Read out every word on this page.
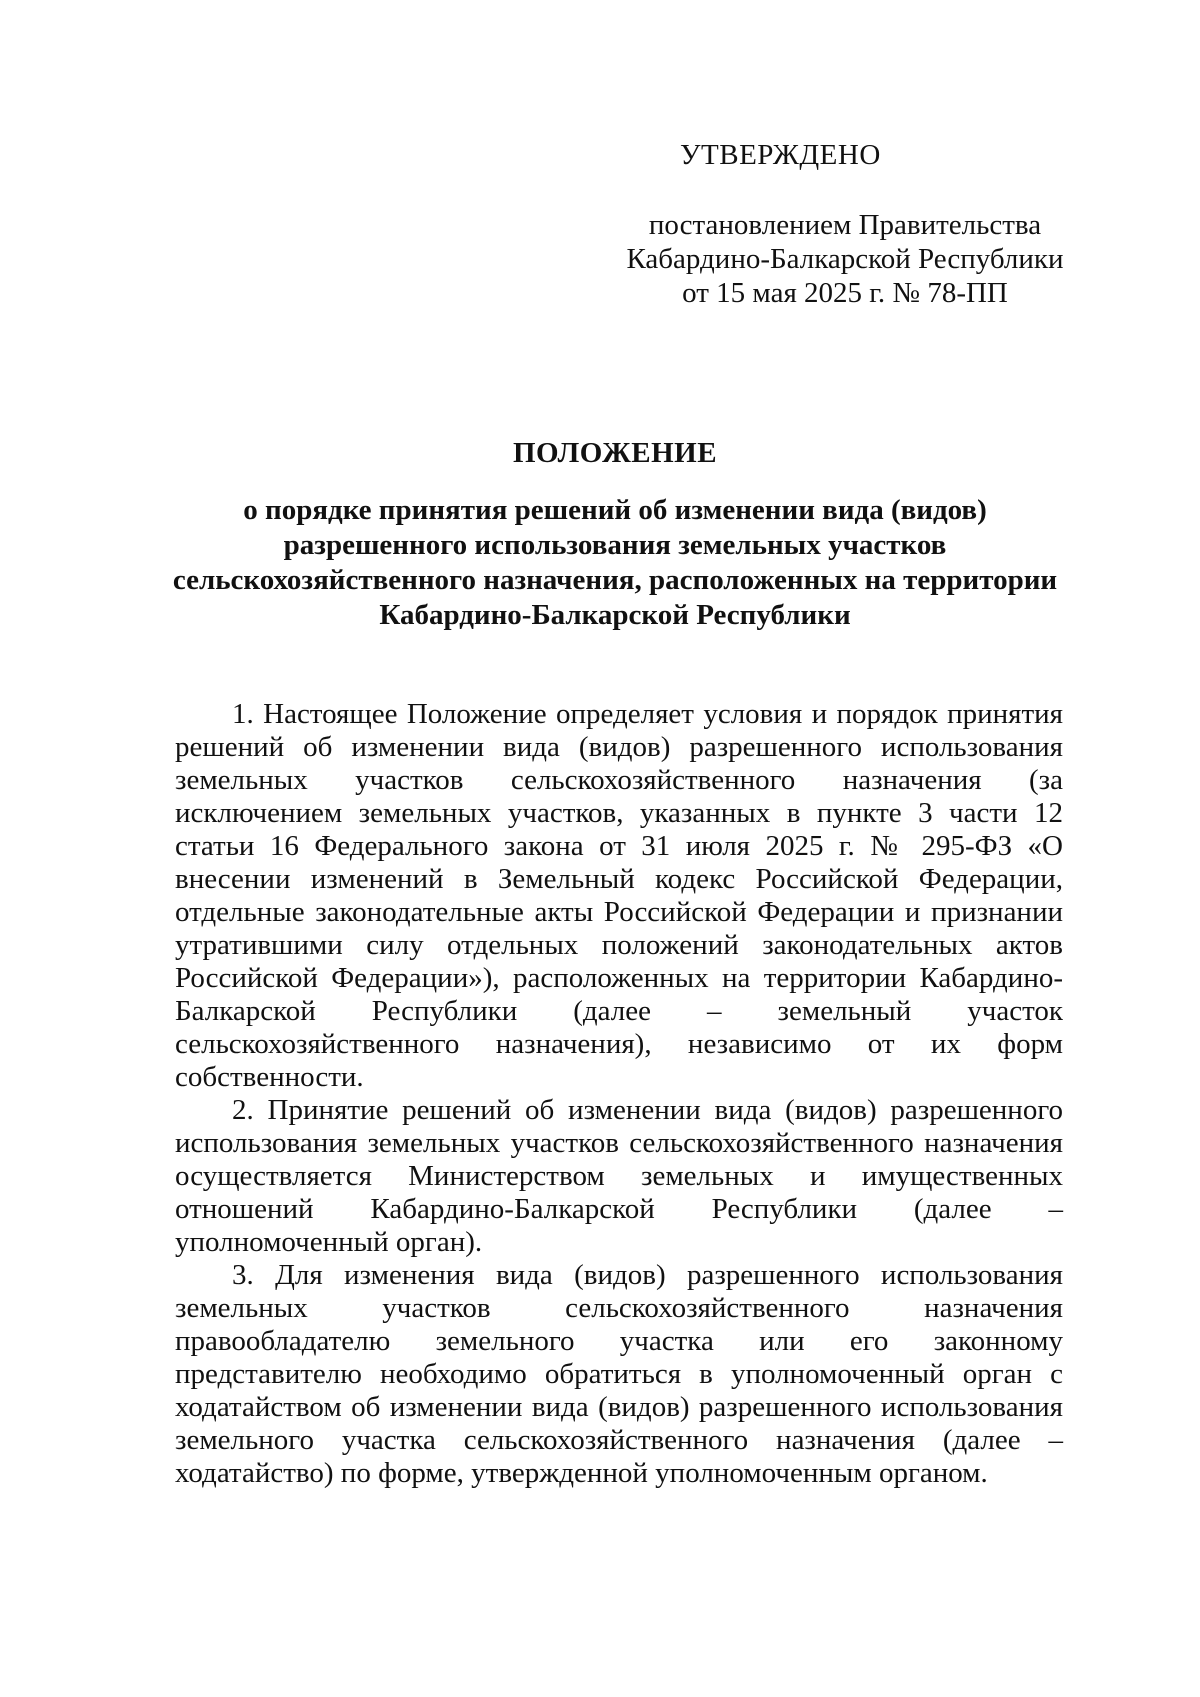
УТВЕРЖДЕНО
постановлением Правительства
Кабардино-Балкарской Республики
от 15 мая 2025 г. № 78-ПП
ПОЛОЖЕНИЕ
о порядке принятия решений об изменении вида (видов)
разрешенного использования земельных участков
сельскохозяйственного назначения, расположенных на территории
Кабардино-Балкарской Республики

1. Настоящее Положение определяет условия и порядок принятия решений об изменении вида (видов) разрешенного использования земельных участков сельскохозяйственного назначения (за исключением земельных участков, указанных в пункте 3 части 12 статьи 16 Федерального закона от 31 июля 2025 г. № 295-ФЗ «О внесении изменений в Земельный кодекс Российской Федерации, отдельные законодательные акты Российской Федерации и признании утратившими силу отдельных положений законодательных актов Российской Федерации»), расположенных на территории Кабардино-Балкарской Республики (далее – земельный участок сельскохозяйственного назначения), независимо от их форм собственности.

2. Принятие решений об изменении вида (видов) разрешенного использования земельных участков сельскохозяйственного назначения осуществляется Министерством земельных и имущественных отношений Кабардино-Балкарской Республики (далее – уполномоченный орган).

3. Для изменения вида (видов) разрешенного использования земельных участков сельскохозяйственного назначения правообладателю земельного участка или его законному представителю необходимо обратиться в уполномоченный орган с ходатайством об изменении вида (видов) разрешенного использования земельного участка сельскохозяйственного назначения (далее – ходатайство) по форме, утвержденной уполномоченным органом.
